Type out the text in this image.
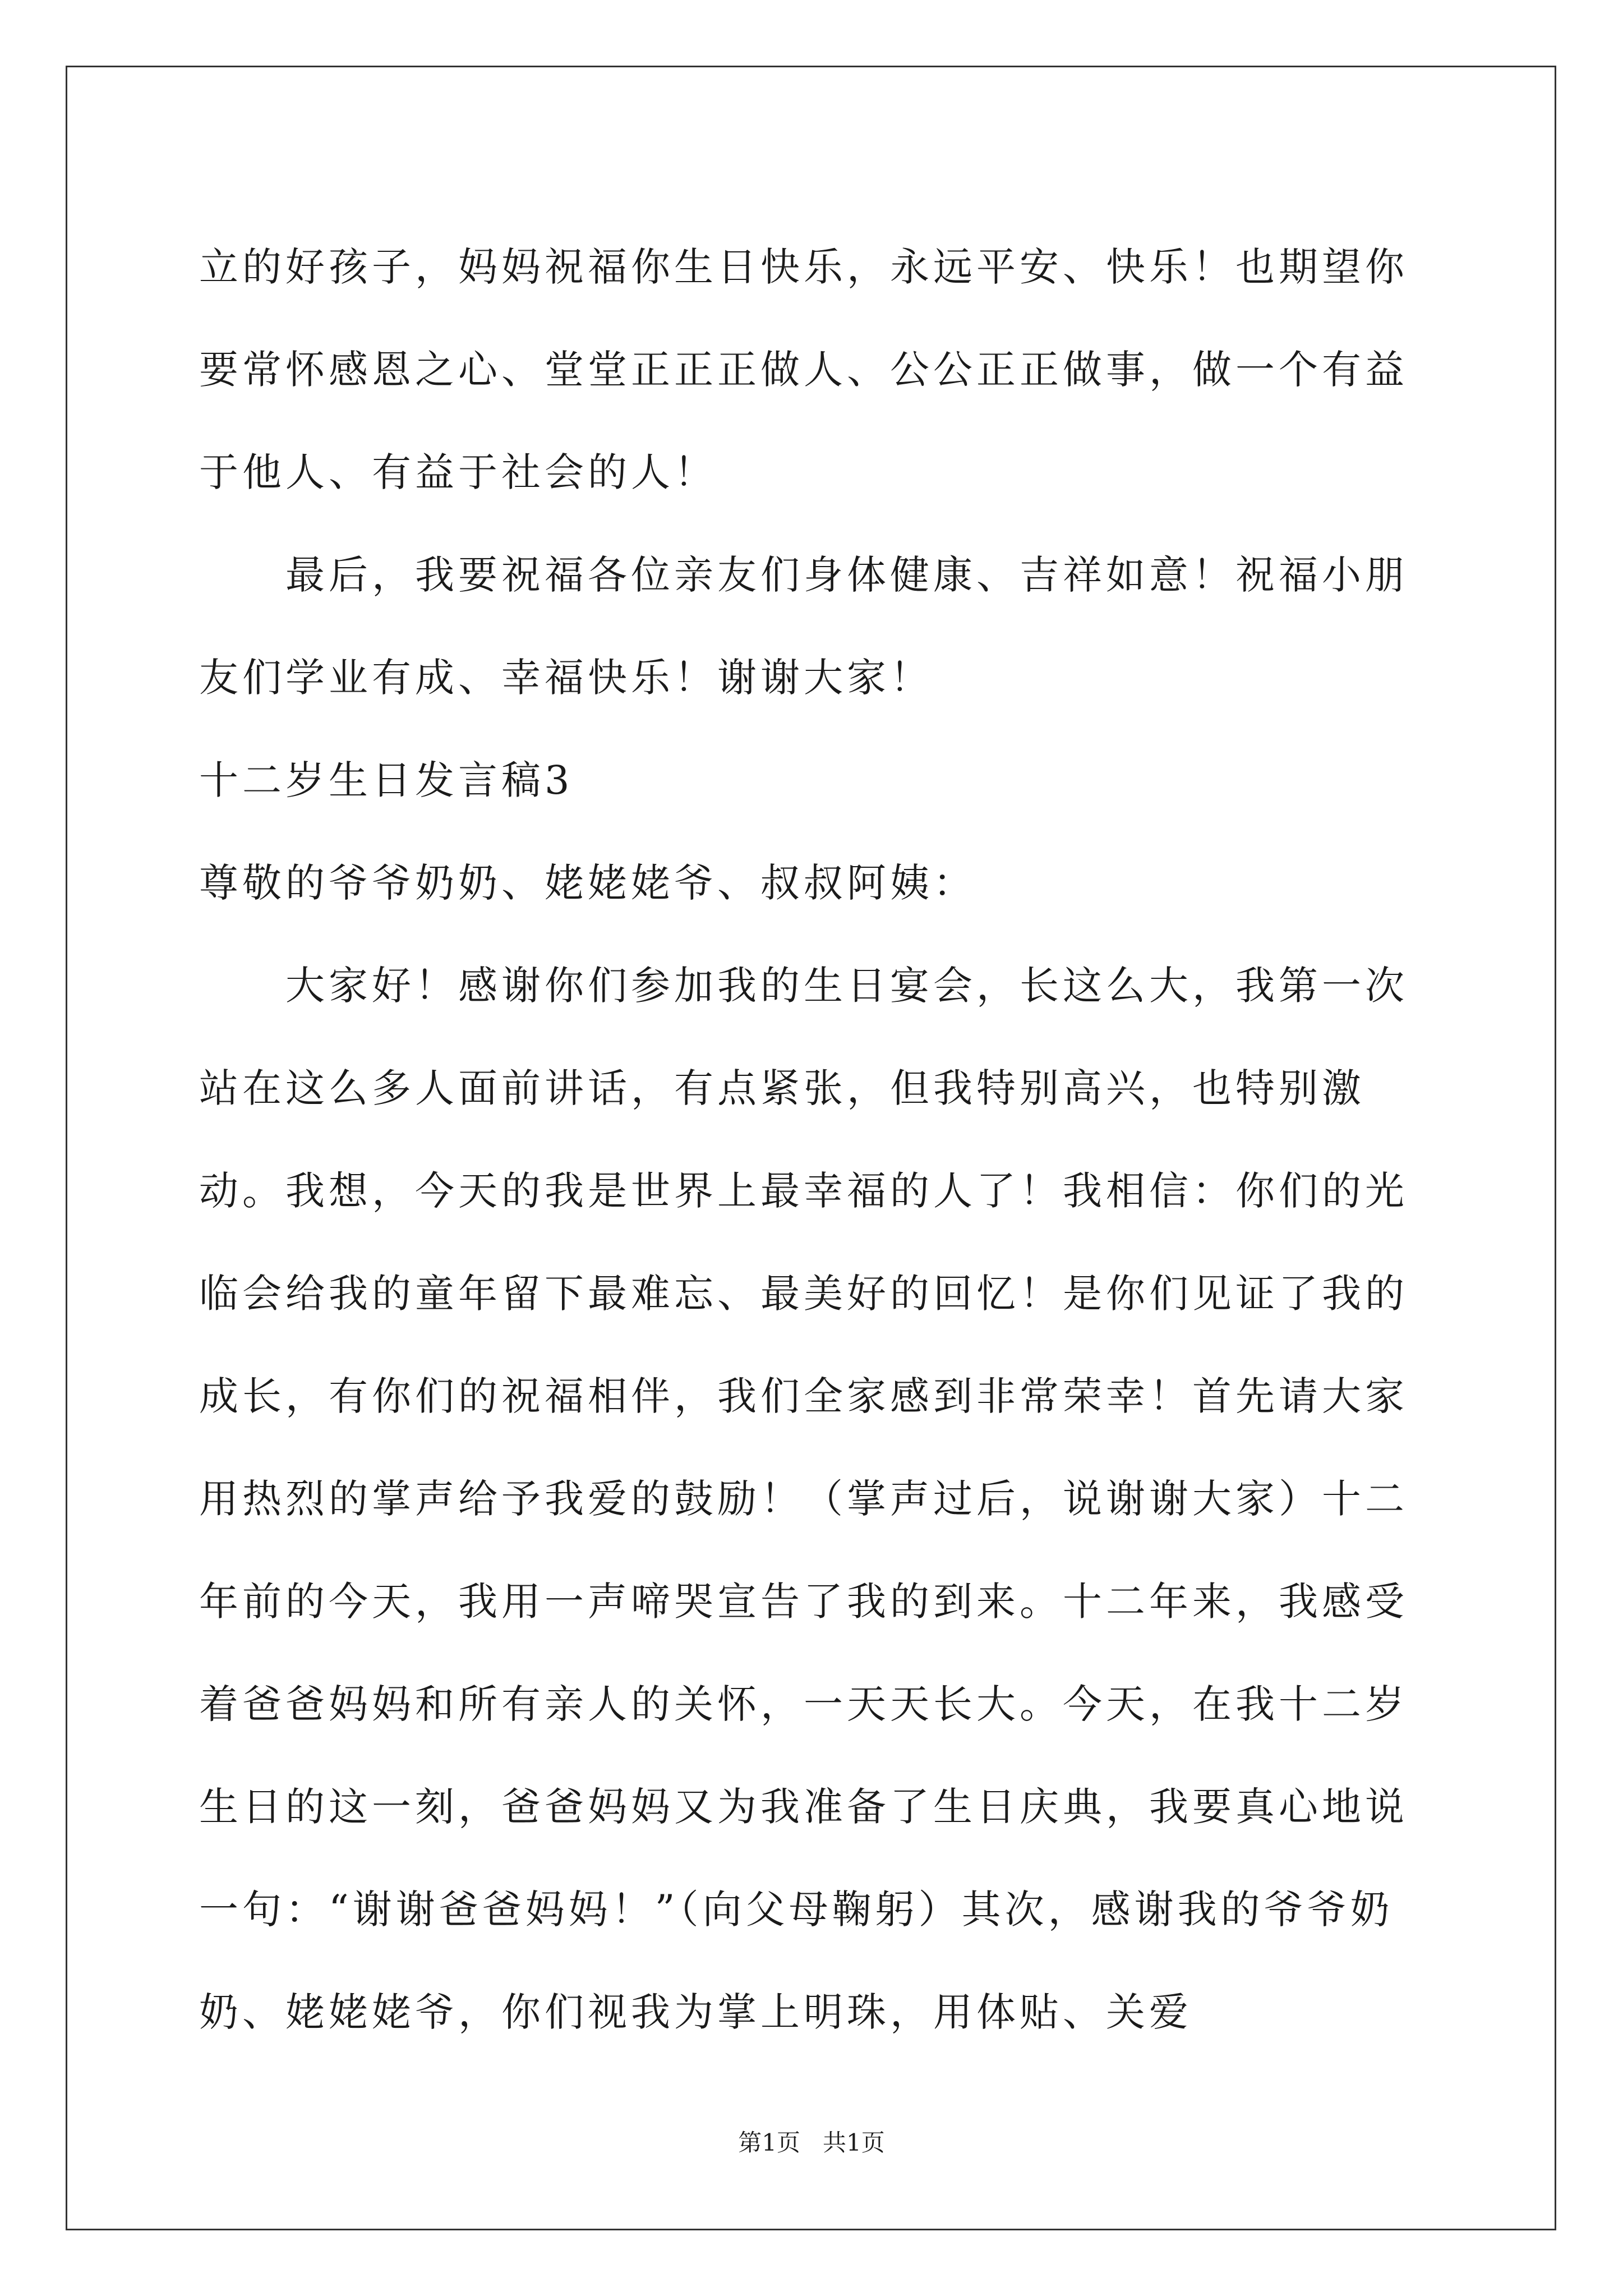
立的好孩子，妈妈祝福你生日快乐，永远平安、快乐！也期望你要常怀感恩之心、堂堂正正正做人、公公正正做事，做一个有益于他人、有益于社会的人！

最后，我要祝福各位亲友们身体健康、吉祥如意！祝福小朋友们学业有成、幸福快乐！谢谢大家！

十二岁生日发言稿3

尊敬的爷爷奶奶、姥姥姥爷、叔叔阿姨：

大家好！感谢你们参加我的生日宴会，长这么大，我第一次站在这么多人面前讲话，有点紧张，但我特别高兴，也特别激动。我想，今天的我是世界上最幸福的人了！我相信：你们的光临会给我的童年留下最难忘、最美好的回忆！是你们见证了我的成长，有你们的祝福相伴，我们全家感到非常荣幸！首先请大家用热烈的掌声给予我爱的鼓励！（掌声过后，说谢谢大家）十二年前的今天，我用一声啼哭宣告了我的到来。十二年来，我感受着爸爸妈妈和所有亲人的关怀，一天天长大。今天，在我十二岁生日的这一刻，爸爸妈妈又为我准备了生日庆典，我要真心地说一句：“谢谢爸爸妈妈！”（向父母鞠躬）其次，感谢我的爷爷奶奶、姥姥姥爷，你们视我为掌上明珠，用体贴、关爱

第1页 共1页
